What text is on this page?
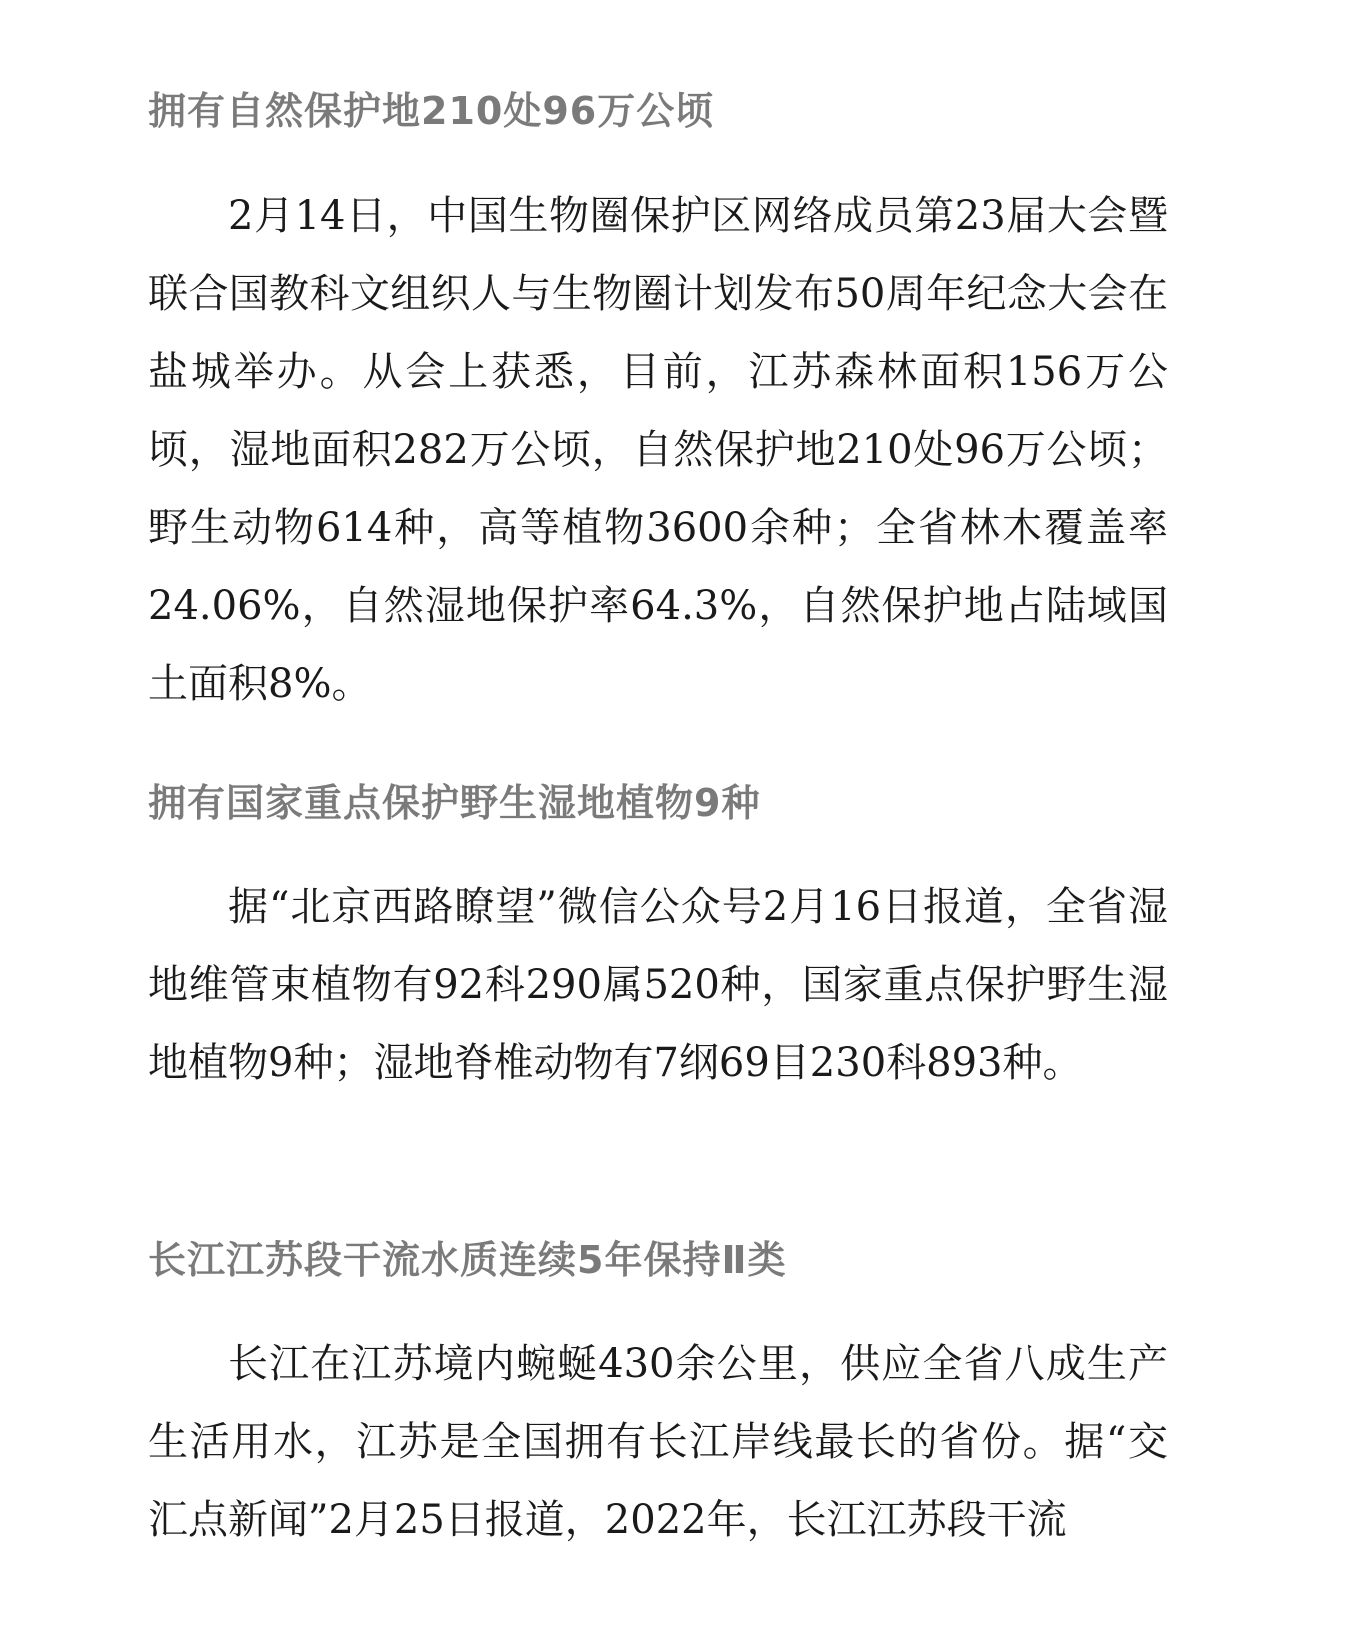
拥有自然保护地210处96万公顷

2月14日，中国生物圈保护区网络成员第23届大会暨联合国教科文组织人与生物圈计划发布50周年纪念大会在盐城举办。从会上获悉，目前，江苏森林面积156万公顷，湿地面积282万公顷，自然保护地210处96万公顷；野生动物614种，高等植物3600余种；全省林木覆盖率24.06%，自然湿地保护率64.3%，自然保护地占陆域国土面积8%。

拥有国家重点保护野生湿地植物9种

据“北京西路瞭望”微信公众号2月16日报道，全省湿地维管束植物有92科290属520种，国家重点保护野生湿地植物9种；湿地脊椎动物有7纲69目230科893种。

长江江苏段干流水质连续5年保持Ⅱ类

长江在江苏境内蜿蜒430余公里，供应全省八成生产生活用水，江苏是全国拥有长江岸线最长的省份。据“交汇点新闻”2月25日报道，2022年，长江江苏段干流
